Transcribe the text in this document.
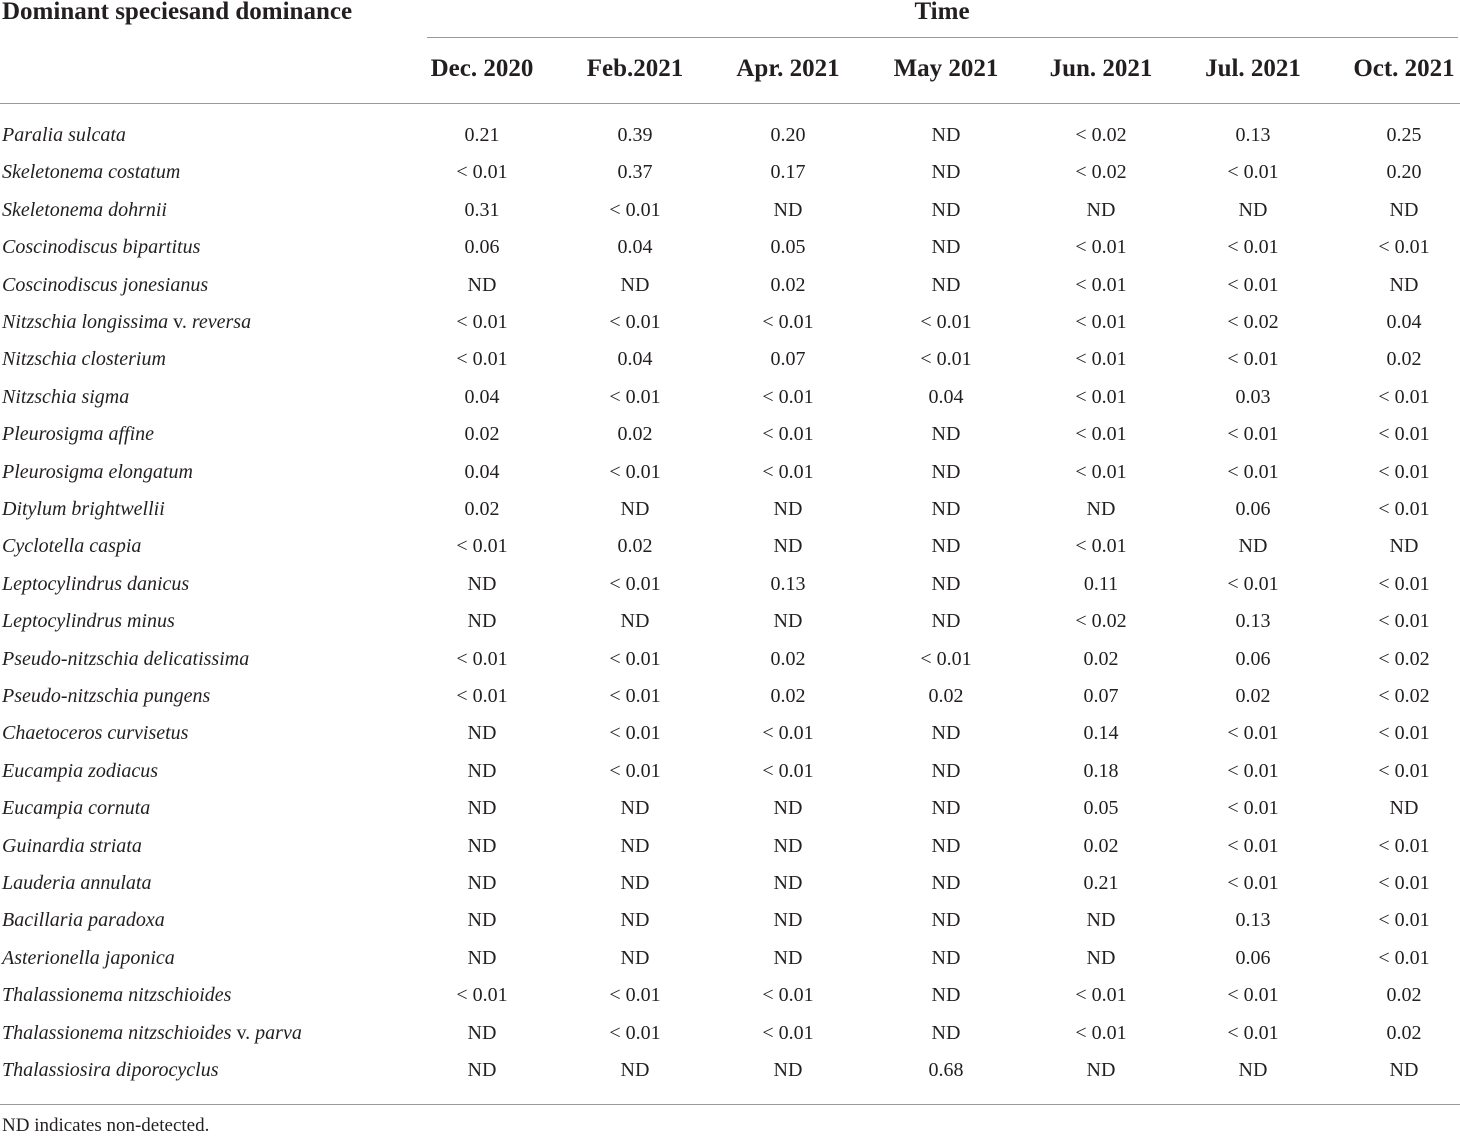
Dominant speciesand dominance	Time
Dec. 2020	Feb.2021	Apr. 2021	May 2021	Jun. 2021	Jul. 2021	Oct. 2021
Paralia sulcata	0.21	0.39	0.20	ND	< 0.02	0.13	0.25
Skeletonema costatum	< 0.01	0.37	0.17	ND	< 0.02	< 0.01	0.20
Skeletonema dohrnii	0.31	< 0.01	ND	ND	ND	ND	ND
Coscinodiscus bipartitus	0.06	0.04	0.05	ND	< 0.01	< 0.01	< 0.01
Coscinodiscus jonesianus	ND	ND	0.02	ND	< 0.01	< 0.01	ND
Nitzschia longissima v. reversa	< 0.01	< 0.01	< 0.01	< 0.01	< 0.01	< 0.02	0.04
Nitzschia closterium	< 0.01	0.04	0.07	< 0.01	< 0.01	< 0.01	0.02
Nitzschia sigma	0.04	< 0.01	< 0.01	0.04	< 0.01	0.03	< 0.01
Pleurosigma affine	0.02	0.02	< 0.01	ND	< 0.01	< 0.01	< 0.01
Pleurosigma elongatum	0.04	< 0.01	< 0.01	ND	< 0.01	< 0.01	< 0.01
Ditylum brightwellii	0.02	ND	ND	ND	ND	0.06	< 0.01
Cyclotella caspia	< 0.01	0.02	ND	ND	< 0.01	ND	ND
Leptocylindrus danicus	ND	< 0.01	0.13	ND	0.11	< 0.01	< 0.01
Leptocylindrus minus	ND	ND	ND	ND	< 0.02	0.13	< 0.01
Pseudo-nitzschia delicatissima	< 0.01	< 0.01	0.02	< 0.01	0.02	0.06	< 0.02
Pseudo-nitzschia pungens	< 0.01	< 0.01	0.02	0.02	0.07	0.02	< 0.02
Chaetoceros curvisetus	ND	< 0.01	< 0.01	ND	0.14	< 0.01	< 0.01
Eucampia zodiacus	ND	< 0.01	< 0.01	ND	0.18	< 0.01	< 0.01
Eucampia cornuta	ND	ND	ND	ND	0.05	< 0.01	ND
Guinardia striata	ND	ND	ND	ND	0.02	< 0.01	< 0.01
Lauderia annulata	ND	ND	ND	ND	0.21	< 0.01	< 0.01
Bacillaria paradoxa	ND	ND	ND	ND	ND	0.13	< 0.01
Asterionella japonica	ND	ND	ND	ND	ND	0.06	< 0.01
Thalassionema nitzschioides	< 0.01	< 0.01	< 0.01	ND	< 0.01	< 0.01	0.02
Thalassionema nitzschioides v. parva	ND	< 0.01	< 0.01	ND	< 0.01	< 0.01	0.02
Thalassiosira diporocyclus	ND	ND	ND	0.68	ND	ND	ND
ND indicates non-detected.
